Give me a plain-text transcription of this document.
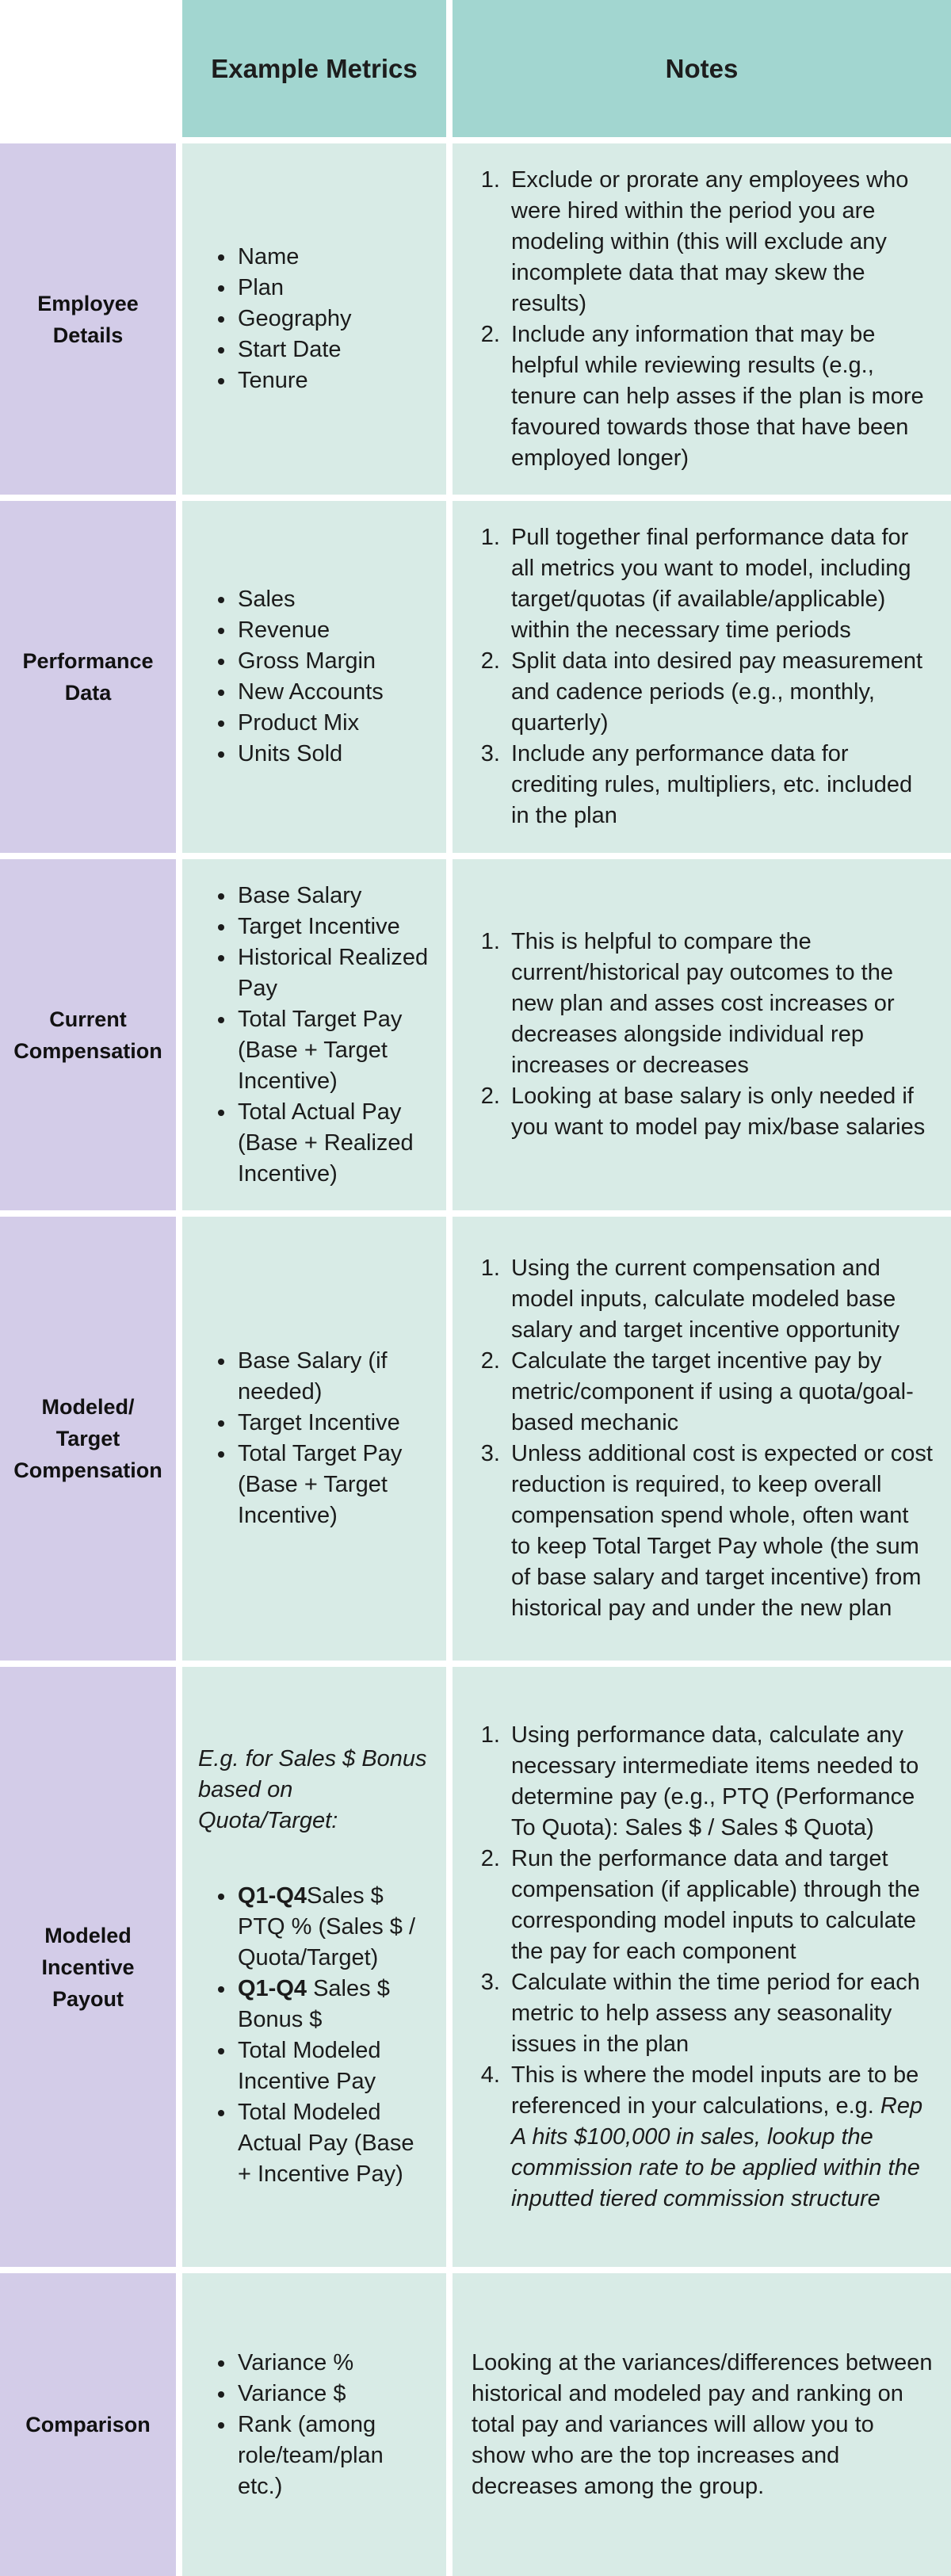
Example Metrics	Notes
Employee Details
• Name
• Plan
• Geography
• Start Date
• Tenure
1. Exclude or prorate any employees who were hired within the period you are modeling within (this will exclude any incomplete data that may skew the results)
2. Include any information that may be helpful while reviewing results (e.g., tenure can help asses if the plan is more favoured towards those that have been employed longer)
Performance Data
• Sales
• Revenue
• Gross Margin
• New Accounts
• Product Mix
• Units Sold
1. Pull together final performance data for all metrics you want to model, including target/quotas (if available/applicable) within the necessary time periods
2. Split data into desired pay measurement and cadence periods (e.g., monthly, quarterly)
3. Include any performance data for crediting rules, multipliers, etc. included in the plan
Current Compensation
• Base Salary
• Target Incentive
• Historical Realized Pay
• Total Target Pay (Base + Target Incentive)
• Total Actual Pay (Base + Realized Incentive)
1. This is helpful to compare the current/historical pay outcomes to the new plan and asses cost increases or decreases alongside individual rep increases or decreases
2. Looking at base salary is only needed if you want to model pay mix/base salaries
Modeled/ Target Compensation
• Base Salary (if needed)
• Target Incentive
• Total Target Pay (Base + Target Incentive)
1. Using the current compensation and model inputs, calculate modeled base salary and target incentive opportunity
2. Calculate the target incentive pay by metric/component if using a quota/goal-based mechanic
3. Unless additional cost is expected or cost reduction is required, to keep overall compensation spend whole, often want to keep Total Target Pay whole (the sum of base salary and target incentive) from historical pay and under the new plan
Modeled Incentive Payout

E.g. for Sales $ Bonus based on Quota/Target:

• Q1-Q4Sales $ PTQ % (Sales $ / Quota/Target)
• Q1-Q4 Sales $ Bonus $
• Total Modeled Incentive Pay
• Total Modeled Actual Pay (Base + Incentive Pay)
1. Using performance data, calculate any necessary intermediate items needed to determine pay (e.g., PTQ (Performance To Quota): Sales $ / Sales $ Quota)
2. Run the performance data and target compensation (if applicable) through the corresponding model inputs to calculate the pay for each component
3. Calculate within the time period for each metric to help assess any seasonality issues in the plan
4. This is where the model inputs are to be referenced in your calculations, e.g. Rep A hits $100,000 in sales, lookup the commission rate to be applied within the inputted tiered commission structure
Comparison
• Variance %
• Variance $
• Rank (among role/team/plan etc.)

Looking at the variances/differences between historical and modeled pay and ranking on total pay and variances will allow you to show who are the top increases and decreases among the group.
